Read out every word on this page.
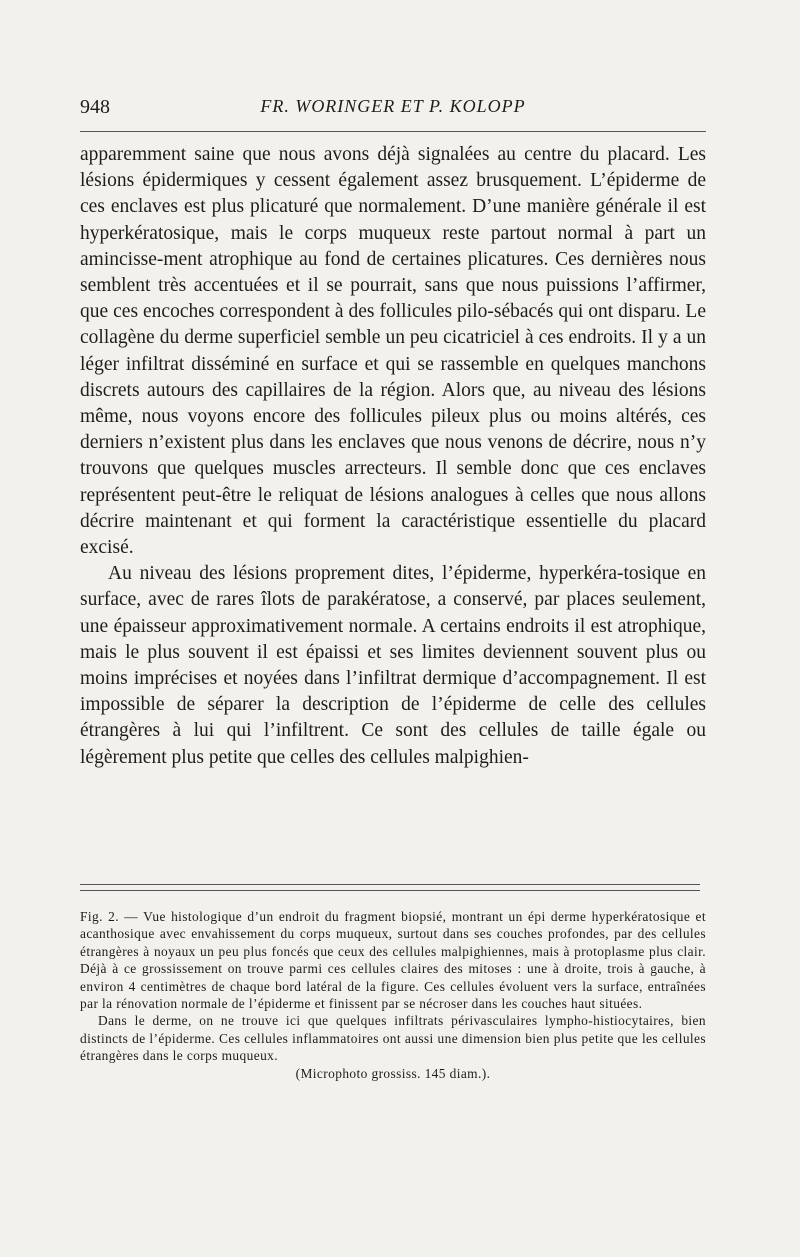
948	FR. WORINGER ET P. KOLOPP

apparemment saine que nous avons déjà signalées au centre du placard. Les lésions épidermiques y cessent également assez brusquement. L’épiderme de ces enclaves est plus plicaturé que normalement. D’une manière générale il est hyperkératosique, mais le corps muqueux reste partout normal à part un amincisse-ment atrophique au fond de certaines plicatures. Ces dernières nous semblent très accentuées et il se pourrait, sans que nous puissions l’affirmer, que ces encoches correspondent à des follicules pilo-sébacés qui ont disparu. Le collagène du derme superficiel semble un peu cicatriciel à ces endroits. Il y a un léger infiltrat disséminé en surface et qui se rassemble en quelques manchons discrets autours des capillaires de la région. Alors que, au niveau des lésions même, nous voyons encore des follicules pileux plus ou moins altérés, ces derniers n’existent plus dans les enclaves que nous venons de décrire, nous n’y trouvons que quelques muscles arrecteurs. Il semble donc que ces enclaves représentent peut-être le reliquat de lésions analogues à celles que nous allons décrire maintenant et qui forment la caractéristique essentielle du placard excisé.

Au niveau des lésions proprement dites, l’épiderme, hyperkéra-tosique en surface, avec de rares îlots de parakératose, a conservé, par places seulement, une épaisseur approximativement normale. A certains endroits il est atrophique, mais le plus souvent il est épaissi et ses limites deviennent souvent plus ou moins imprécises et noyées dans l’infiltrat dermique d’accompagnement. Il est impossible de séparer la description de l’épiderme de celle des cellules étrangères à lui qui l’infiltrent. Ce sont des cellules de taille égale ou légèrement plus petite que celles des cellules malpighien-

Fig. 2. — Vue histologique d’un endroit du fragment biopsié, montrant un épi derme hyperkératosique et acanthosique avec envahissement du corps muqueux, surtout dans ses couches profondes, par des cellules étrangères à noyaux un peu plus foncés que ceux des cellules malpighiennes, mais à protoplasme plus clair. Déjà à ce grossissement on trouve parmi ces cellules claires des mitoses : une à droite, trois à gauche, à environ 4 centimètres de chaque bord latéral de la figure. Ces cellules évoluent vers la surface, entraînées par la rénovation normale de l’épiderme et finissent par se nécroser dans les couches haut situées.

Dans le derme, on ne trouve ici que quelques infiltrats périvasculaires lympho-histiocytaires, bien distincts de l’épiderme. Ces cellules inflammatoires ont aussi une dimension bien plus petite que les cellules étrangères dans le corps muqueux.

(Microphoto grossiss. 145 diam.).
